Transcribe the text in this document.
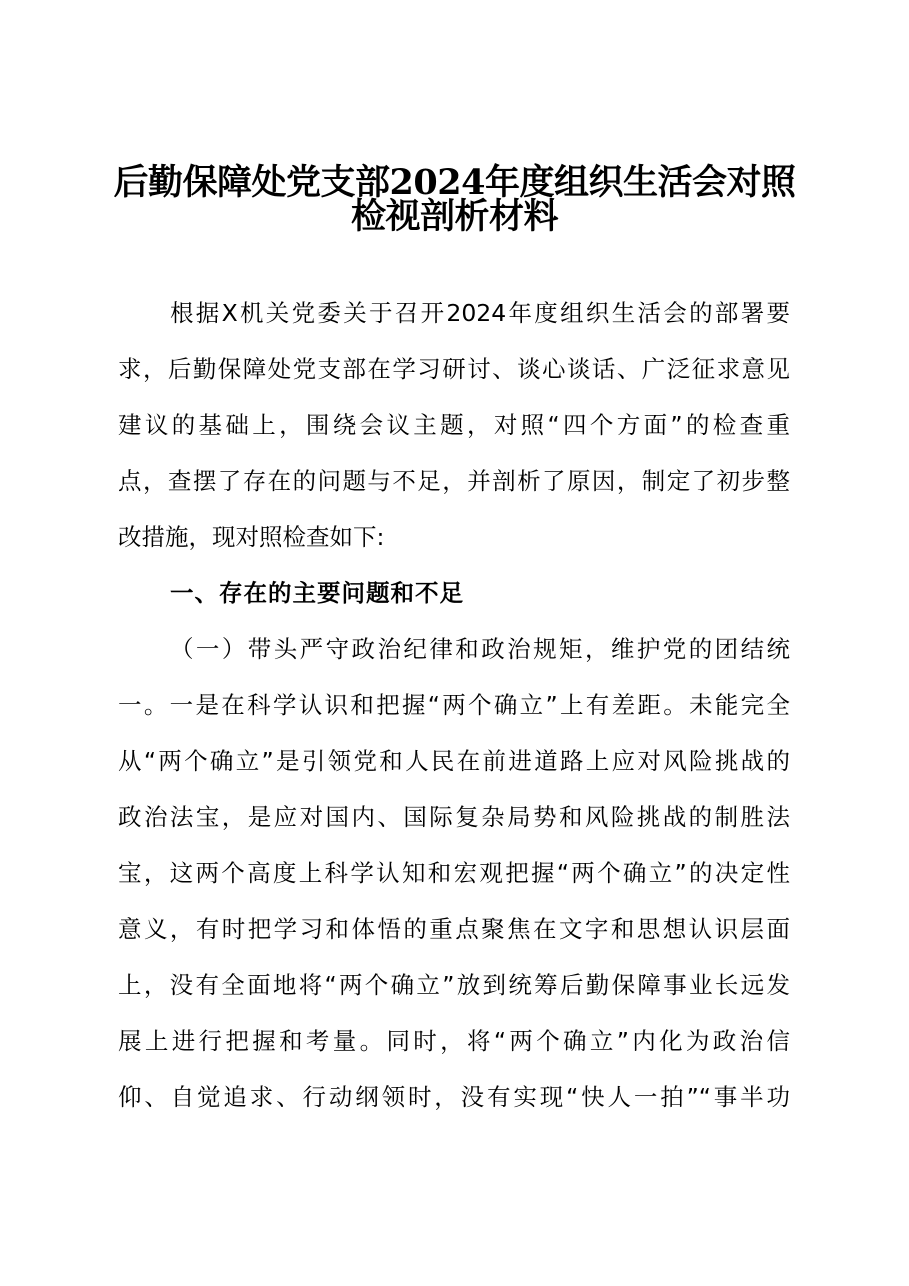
后勤保障处党支部2024年度组织生活会对照
检视剖析材料
根据X机关党委关于召开2024年度组织生活会的部署要
求，后勤保障处党支部在学习研讨、谈心谈话、广泛征求意见
建议的基础上，围绕会议主题，对照“四个方面”的检查重
点，查摆了存在的问题与不足，并剖析了原因，制定了初步整
改措施，现对照检查如下:
一、存在的主要问题和不足
（一）带头严守政治纪律和政治规矩，维护党的团结统
一。一是在科学认识和把握“两个确立”上有差距。未能完全
从“两个确立”是引领党和人民在前进道路上应对风险挑战的
政治法宝，是应对国内、国际复杂局势和风险挑战的制胜法
宝，这两个高度上科学认知和宏观把握“两个确立”的决定性
意义，有时把学习和体悟的重点聚焦在文字和思想认识层面
上，没有全面地将“两个确立”放到统筹后勤保障事业长远发
展上进行把握和考量。同时，将“两个确立”内化为政治信
仰、自觉追求、行动纲领时，没有实现“快人一拍”“事半功
